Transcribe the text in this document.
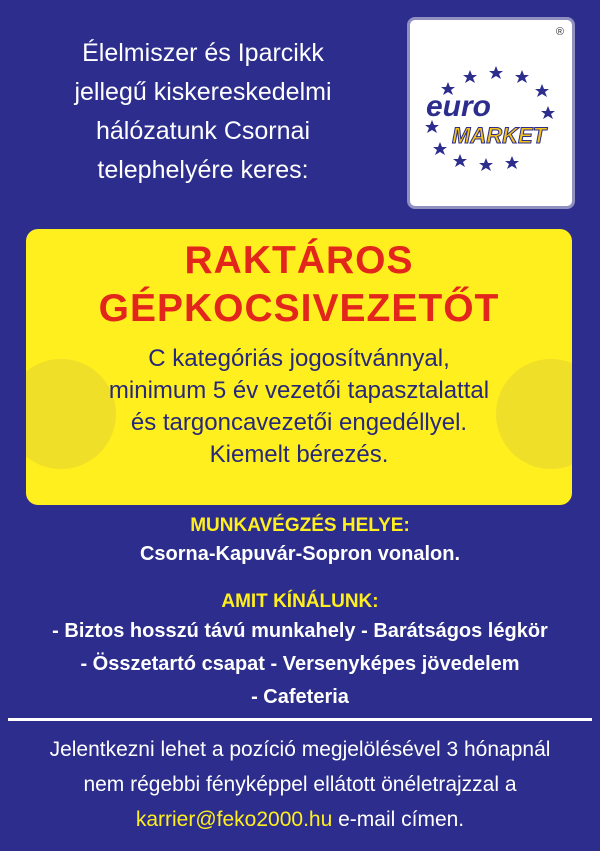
Élelmiszer és Iparcikk
jellegű kiskereskedelmi
hálózatunk Csornai
telephelyére keres:
®
euro
MARKET
RAKTÁROS
GÉPKOCSIVEZETŐT
C kategóriás jogosítvánnyal,
minimum 5 év vezetői tapasztalattal
és targoncavezetői engedéllyel.
Kiemelt bérezés.
MUNKAVÉGZÉS HELYE:
Csorna-Kapuvár-Sopron vonalon.
AMIT KÍNÁLUNK:
- Biztos hosszú távú munkahely - Barátságos légkör
- Összetartó csapat - Versenyképes jövedelem
- Cafeteria
Jelentkezni lehet a pozíció megjelölésével 3 hónapnál
nem régebbi fényképpel ellátott önéletrajzzal a
karrier@feko2000.hu e-mail címen.
